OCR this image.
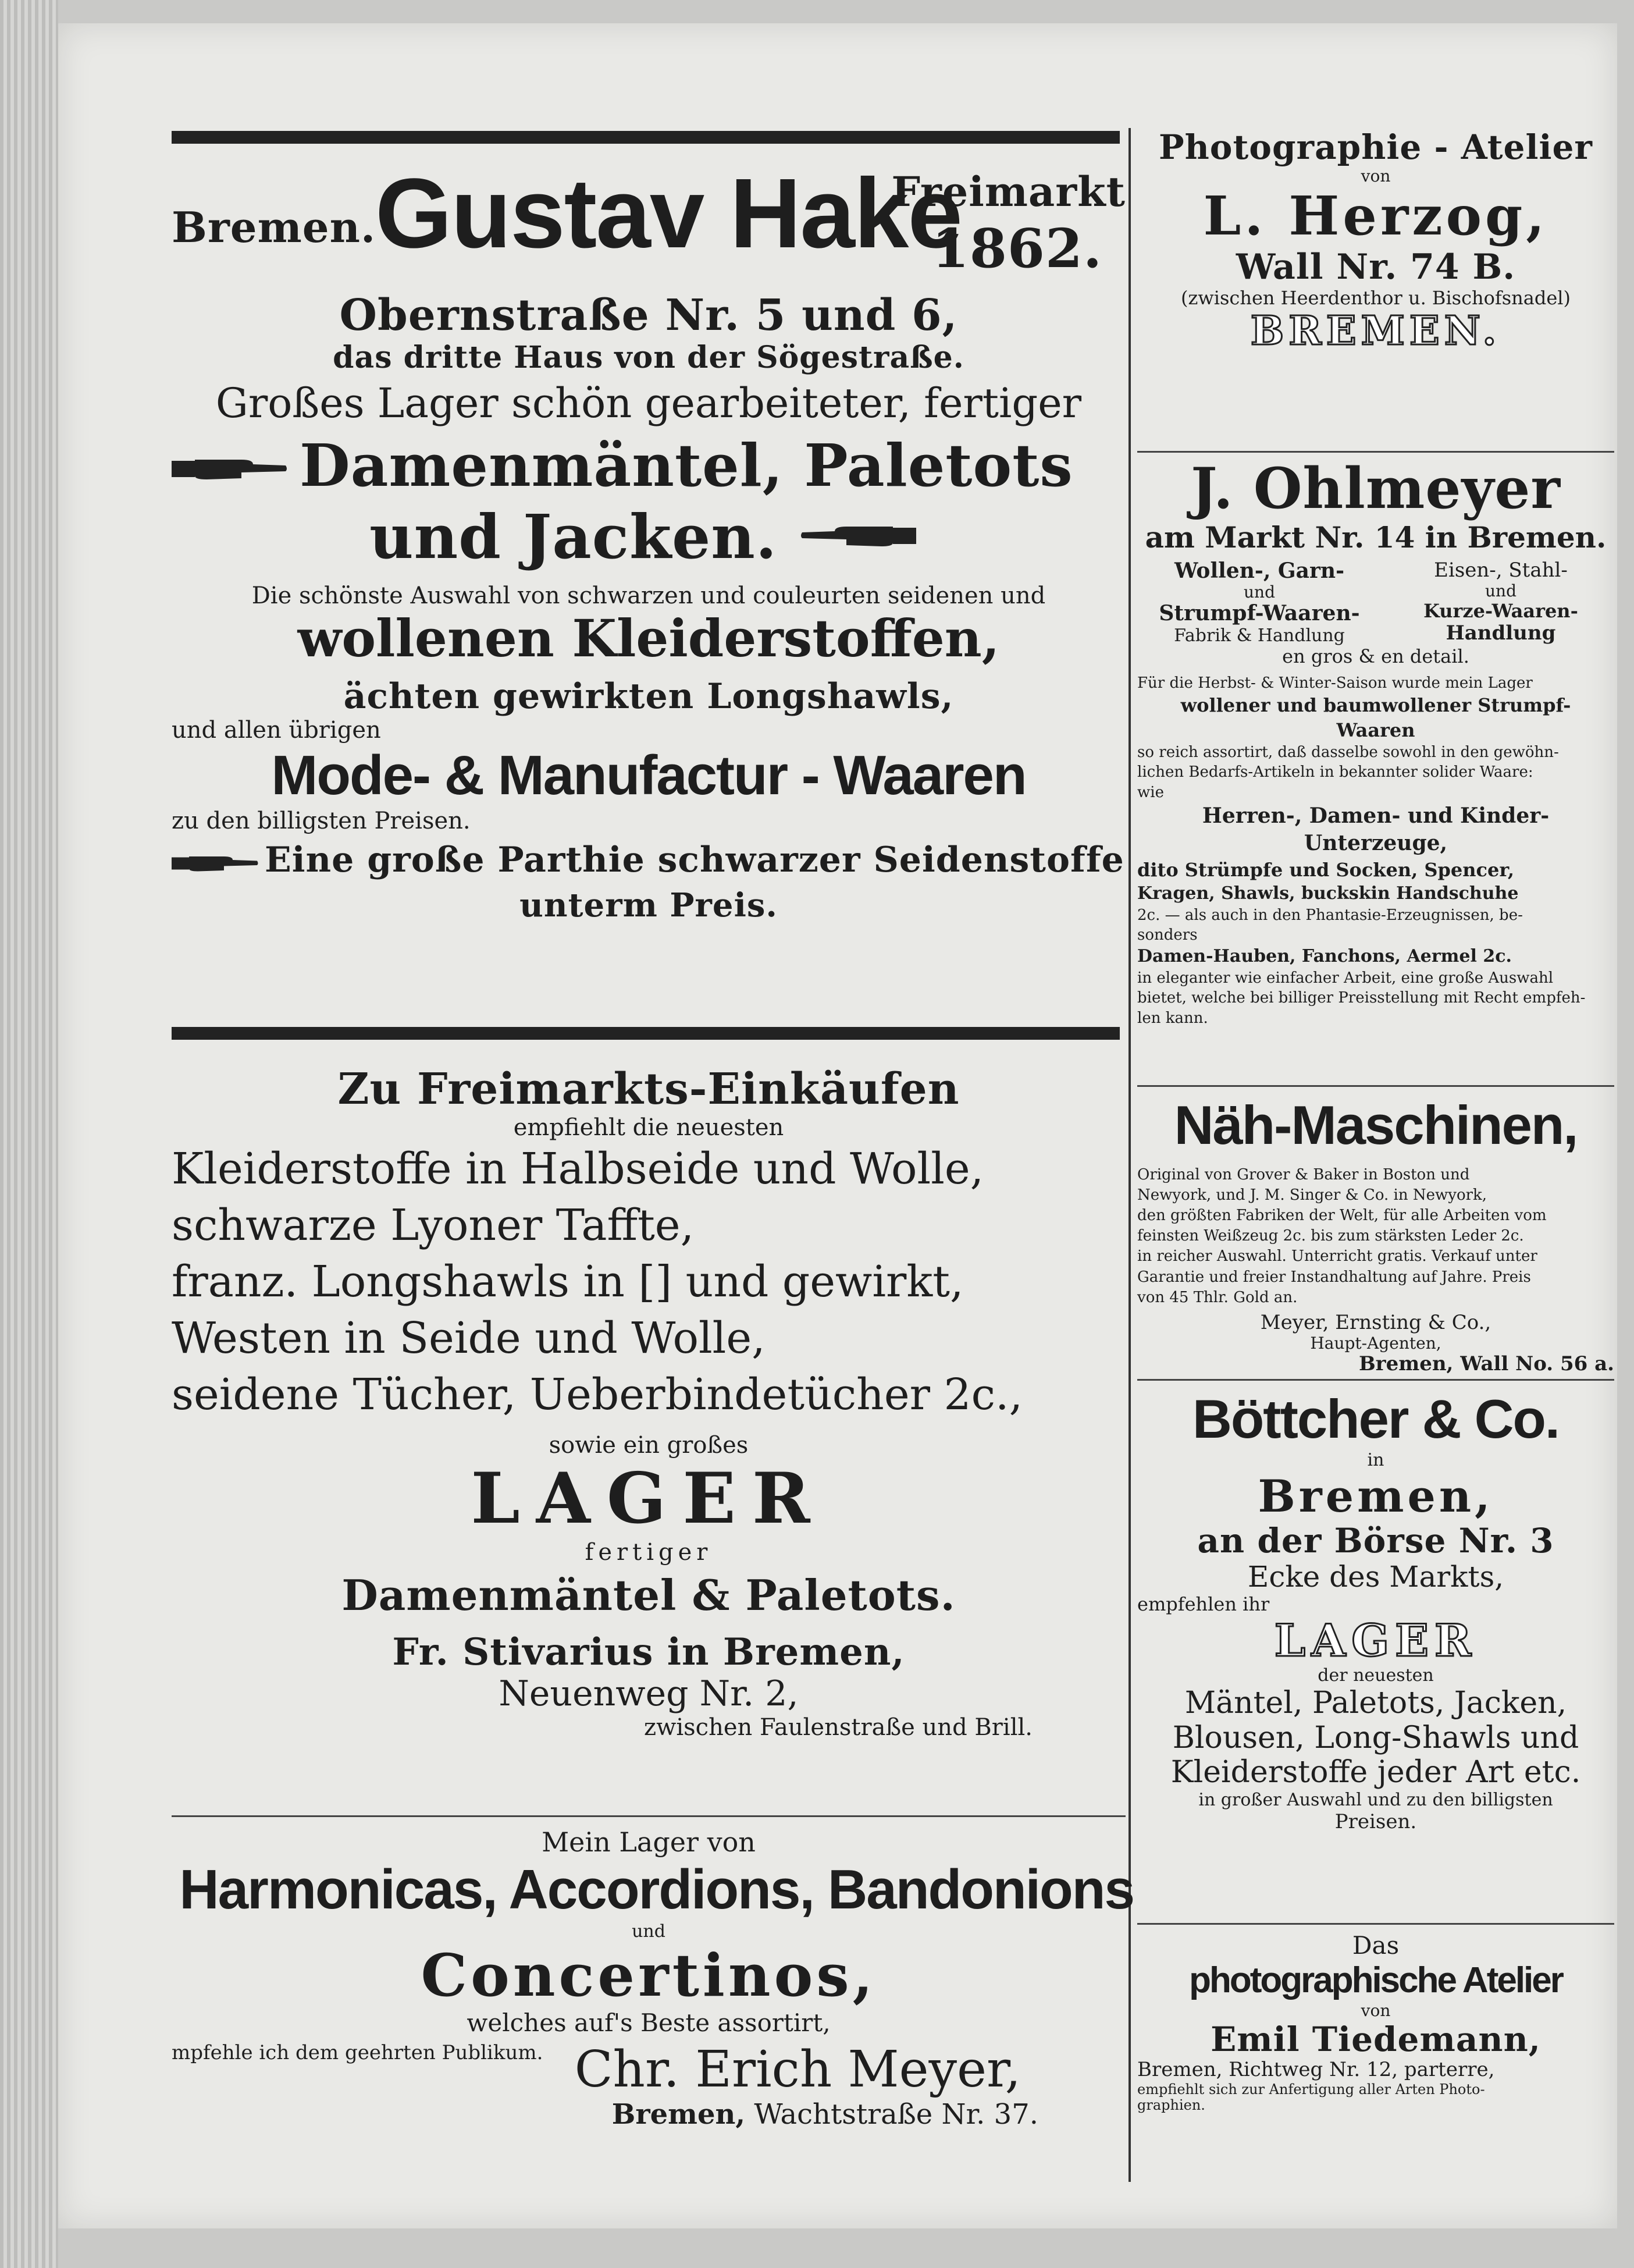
Bremen.
Gustav Hake
Freimarkt
1862.
Obernstraße Nr. 5 und 6,
das dritte Haus von der Sögestraße.
Großes Lager schön gearbeiteter, fertiger
Damenmäntel, Paletots
und Jacken.
Die schönste Auswahl von schwarzen und couleurten seidenen und
wollenen Kleiderstoffen,
ächten gewirkten Longshawls,
und allen übrigen
Mode- & Manufactur - Waaren
zu den billigsten Preisen.
Eine große Parthie schwarzer Seidenstoffe
unterm Preis.
Zu Freimarkts-Einkäufen
empfiehlt die neuesten
Kleiderstoffe in Halbseide und Wolle,
schwarze Lyoner Taffte,
franz. Longshawls in [] und gewirkt,
Westen in Seide und Wolle,
seidene Tücher, Ueberbindetücher 2c.,
sowie ein großes
LAGER
fertiger
Damenmäntel & Paletots.
Fr. Stivarius in Bremen,
Neuenweg Nr. 2,
zwischen Faulenstraße und Brill.
Mein Lager von
Harmonicas, Accordions, Bandonions
und
Concertinos,
welches auf's Beste assortirt,
mpfehle ich dem geehrten Publikum. Chr. Erich Meyer,
Bremen, Wachtstraße Nr. 37.
Photographie - Atelier
von
L. Herzog,
Wall Nr. 74 B.
(zwischen Heerdenthor u. Bischofsnadel)
BREMEN.
J. Ohlmeyer
am Markt Nr. 14 in Bremen.
Wollen-, Garn-
und
Strumpf-Waaren-
Fabrik & Handlung
Eisen-, Stahl-
und
Kurze-Waaren-
Handlung
en gros & en detail.
Für die Herbst- & Winter-Saison wurde mein Lager
wollener und baumwollener Strumpf-
Waaren
so reich assortirt, daß dasselbe sowohl in den gewöhn-
lichen Bedarfs-Artikeln in bekannter solider Waare:
wie
Herren-, Damen- und Kinder-
Unterzeuge,
dito Strümpfe und Socken, Spencer,
Kragen, Shawls, buckskin Handschuhe
2c. — als auch in den Phantasie-Erzeugnissen, be-
sonders
Damen-Hauben, Fanchons, Aermel 2c.
in eleganter wie einfacher Arbeit, eine große Auswahl
bietet, welche bei billiger Preisstellung mit Recht empfeh-
len kann.
Näh-Maschinen,
Original von Grover & Baker in Boston und
Newyork, und J. M. Singer & Co. in Newyork,
den größten Fabriken der Welt, für alle Arbeiten vom
feinsten Weißzeug 2c. bis zum stärksten Leder 2c.
in reicher Auswahl. Unterricht gratis. Verkauf unter
Garantie und freier Instandhaltung auf Jahre. Preis
von 45 Thlr. Gold an.
Meyer, Ernsting & Co.,
Haupt-Agenten,
Bremen, Wall No. 56 a.
Böttcher & Co.
in
Bremen,
an der Börse Nr. 3
Ecke des Markts,
empfehlen ihr
LAGER
der neuesten
Mäntel, Paletots, Jacken,
Blousen, Long-Shawls und
Kleiderstoffe jeder Art etc.
in großer Auswahl und zu den billigsten
Preisen.
Das
photographische Atelier
von
Emil Tiedemann,
Bremen, Richtweg Nr. 12, parterre,
empfiehlt sich zur Anfertigung aller Arten Photo-
graphien.
